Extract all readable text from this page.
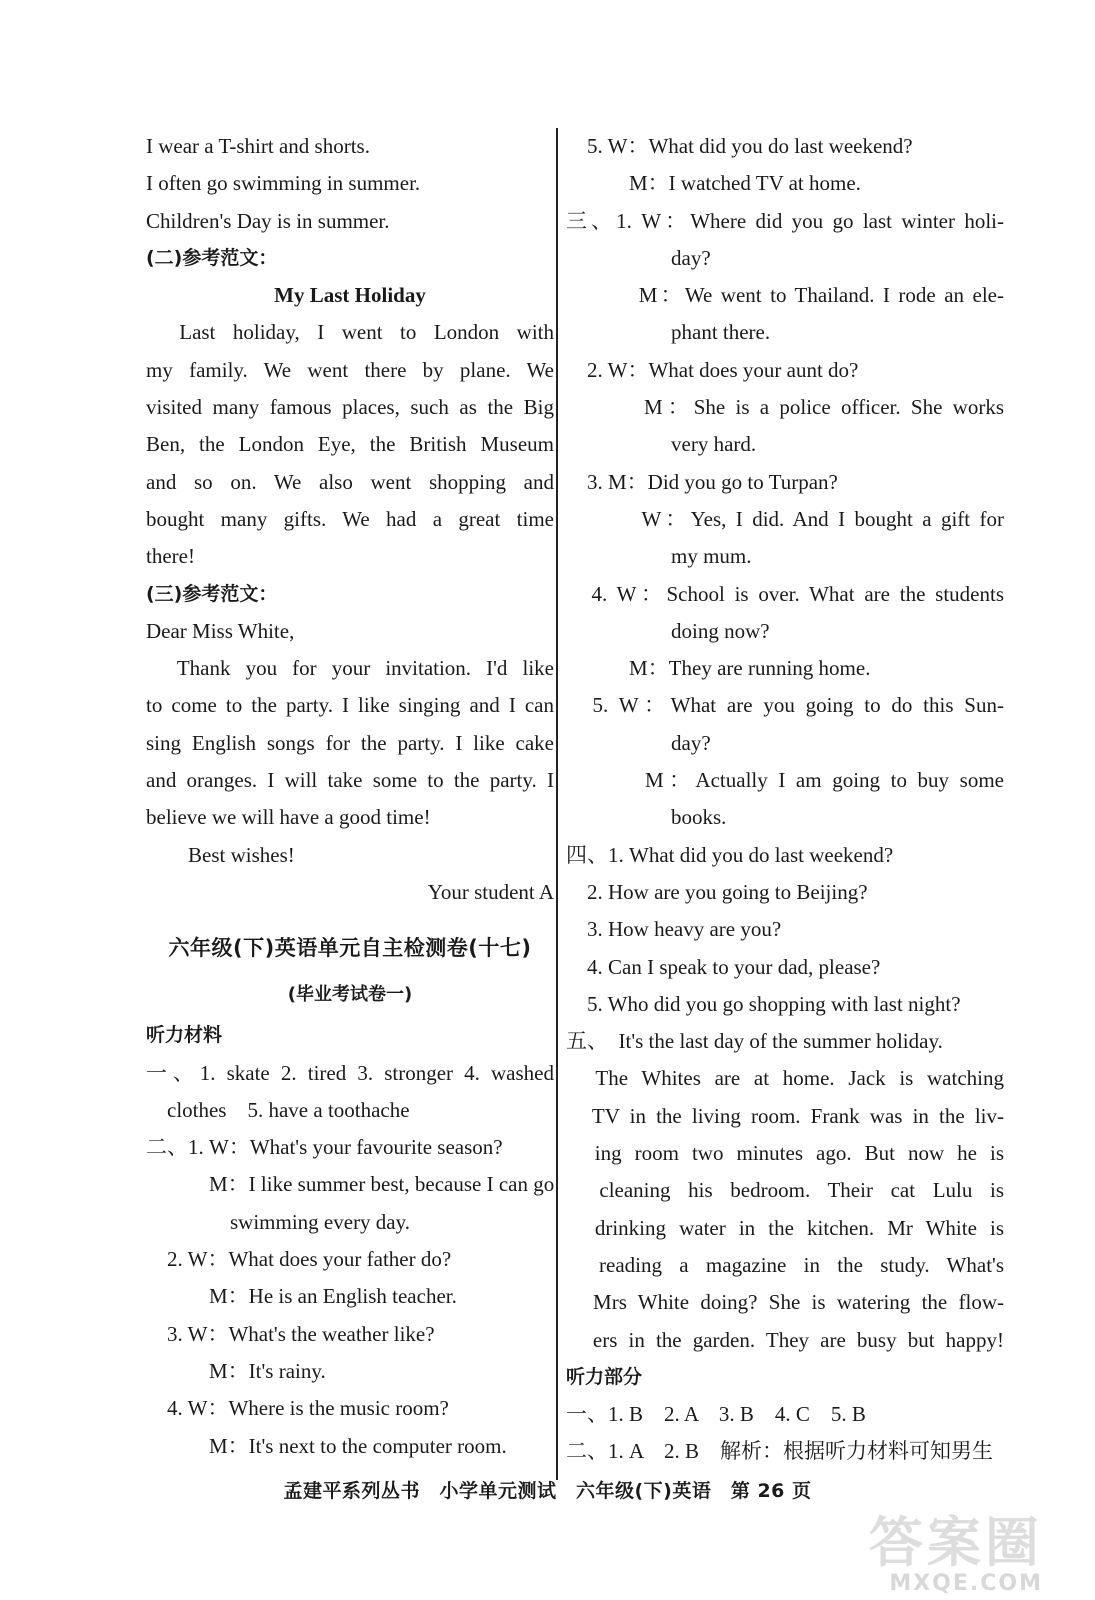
I wear a T-shirt and shorts.
I often go swimming in summer.
Children's Day is in summer.
(二)参考范文：
My Last Holiday
　Last holiday, I went to London with
my family. We went there by plane. We
visited many famous places, such as the Big
Ben, the London Eye, the British Museum
and so on. We also went shopping and
bought many gifts. We had a great time
there!
(三)参考范文：
Dear Miss White,
　Thank you for your invitation. I'd like
to come to the party. I like singing and I can
sing English songs for the party. I like cake
and oranges. I will take some to the party. I
believe we will have a good time!
　　Best wishes!
Your student A
六年级(下)英语单元自主检测卷(十七)
(毕业考试卷一)
听力材料
一、1. skate 2. tired 3. stronger 4. washed
　clothes　5. have a toothache
二、1. W：What's your favourite season?
　　　M：I like summer best, because I can go
　　　　swimming every day.
　2. W：What does your father do?
　　　M：He is an English teacher.
　3. W：What's the weather like?
　　　M：It's rainy.
　4. W：Where is the music room?
　　　M：It's next to the computer room.
　5. W：What did you do last weekend?
　　　M：I watched TV at home.
三、1. W：Where did you go last winter holi-
　　　　　day?
　　　M：We went to Thailand. I rode an ele-
　　　　　phant there.
　2. W：What does your aunt do?
　　　M：She is a police officer. She works
　　　　　very hard.
　3. M：Did you go to Turpan?
　　　W：Yes, I did. And I bought a gift for
　　　　　my mum.
　4. W：School is over. What are the students
　　　　　doing now?
　　　M：They are running home.
　5. W：What are you going to do this Sun-
　　　　　day?
　　　M：Actually I am going to buy some
　　　　　books.
四、1. What did you do last weekend?
　2. How are you going to Beijing?
　3. How heavy are you?
　4. Can I speak to your dad, please?
　5. Who did you go shopping with last night?
五、　It's the last day of the summer holiday.
　The Whites are at home. Jack is watching
　TV in the living room. Frank was in the liv-
　ing room two minutes ago. But now he is
　cleaning his bedroom. Their cat Lulu is
　drinking water in the kitchen. Mr White is
　reading a magazine in the study. What's
　Mrs White doing? She is watering the flow-
　ers in the garden. They are busy but happy!
听力部分
一、1. B　2. A　3. B　4. C　5. B
二、1. A　2. B　解析：根据听力材料可知男生
孟建平系列丛书　小学单元测试　六年级(下)英语　第 26 页
答案圈
MXQE.COM
